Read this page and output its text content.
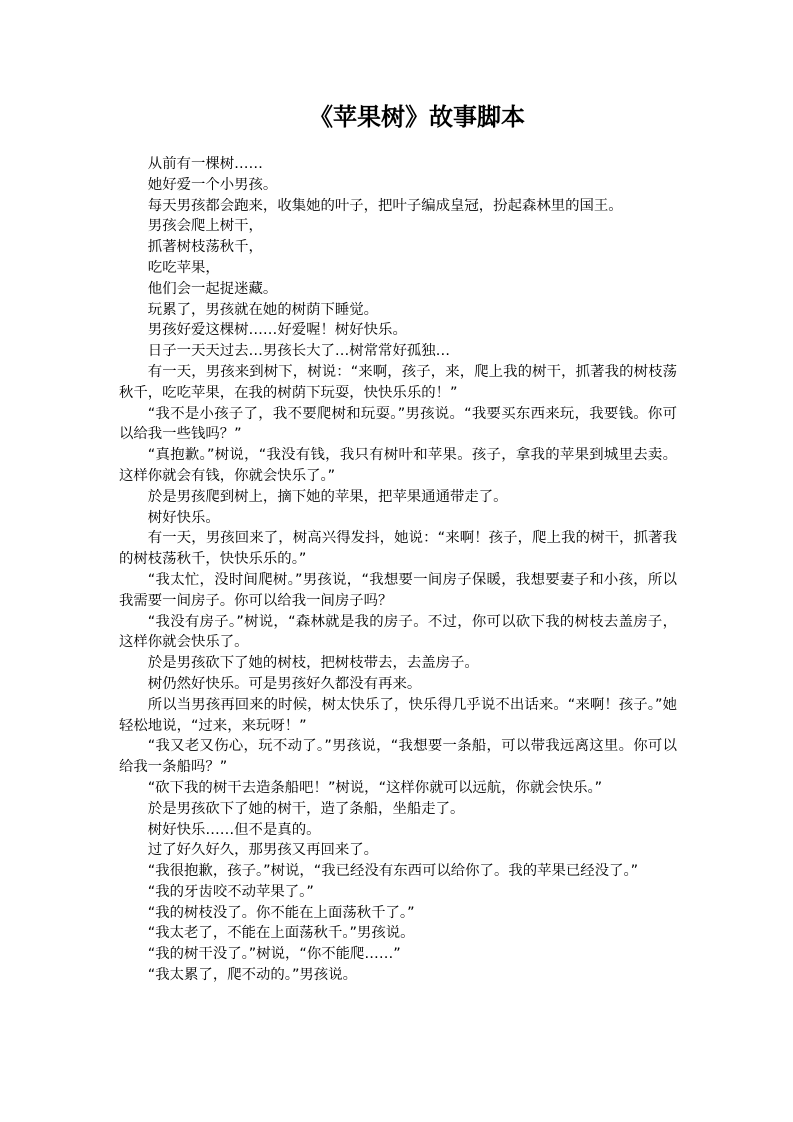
《苹果树》故事脚本

从前有一棵树……

她好爱一个小男孩。

每天男孩都会跑来，收集她的叶子，把叶子编成皇冠，扮起森林里的国王。

男孩会爬上树干，

抓著树枝荡秋千，

吃吃苹果，

他们会一起捉迷藏。

玩累了，男孩就在她的树荫下睡觉。

男孩好爱这棵树……好爱喔！树好快乐。

日子一天天过去…男孩长大了…树常常好孤独…

有一天，男孩来到树下，树说：“来啊，孩子，来，爬上我的树干，抓著我的树枝荡秋千，吃吃苹果，在我的树荫下玩耍，快快乐乐的！”

“我不是小孩子了，我不要爬树和玩耍。”男孩说。“我要买东西来玩，我要钱。你可以给我一些钱吗？”

“真抱歉。”树说，“我没有钱，我只有树叶和苹果。孩子，拿我的苹果到城里去卖。这样你就会有钱，你就会快乐了。”

於是男孩爬到树上，摘下她的苹果，把苹果通通带走了。

树好快乐。

有一天，男孩回来了，树高兴得发抖，她说：“来啊！孩子，爬上我的树干，抓著我的树枝荡秋千，快快乐乐的。”

“我太忙，没时间爬树。”男孩说，“我想要一间房子保暖，我想要妻子和小孩，所以我需要一间房子。你可以给我一间房子吗？

“我没有房子。”树说，“森林就是我的房子。不过，你可以砍下我的树枝去盖房子，这样你就会快乐了。

於是男孩砍下了她的树枝，把树枝带去，去盖房子。

树仍然好快乐。可是男孩好久都没有再来。

所以当男孩再回来的时候，树太快乐了，快乐得几乎说不出话来。“来啊！孩子。”她轻松地说，“过来，来玩呀！”

“我又老又伤心，玩不动了。”男孩说，“我想要一条船，可以带我远离这里。你可以给我一条船吗？”

“砍下我的树干去造条船吧！”树说，“这样你就可以远航，你就会快乐。”

於是男孩砍下了她的树干，造了条船，坐船走了。

树好快乐……但不是真的。

过了好久好久，那男孩又再回来了。

“我很抱歉，孩子。”树说，“我已经没有东西可以给你了。我的苹果已经没了。”

“我的牙齿咬不动苹果了。”

“我的树枝没了。你不能在上面荡秋千了。”

“我太老了，不能在上面荡秋千。”男孩说。

“我的树干没了。”树说，“你不能爬……”

“我太累了，爬不动的。”男孩说。
